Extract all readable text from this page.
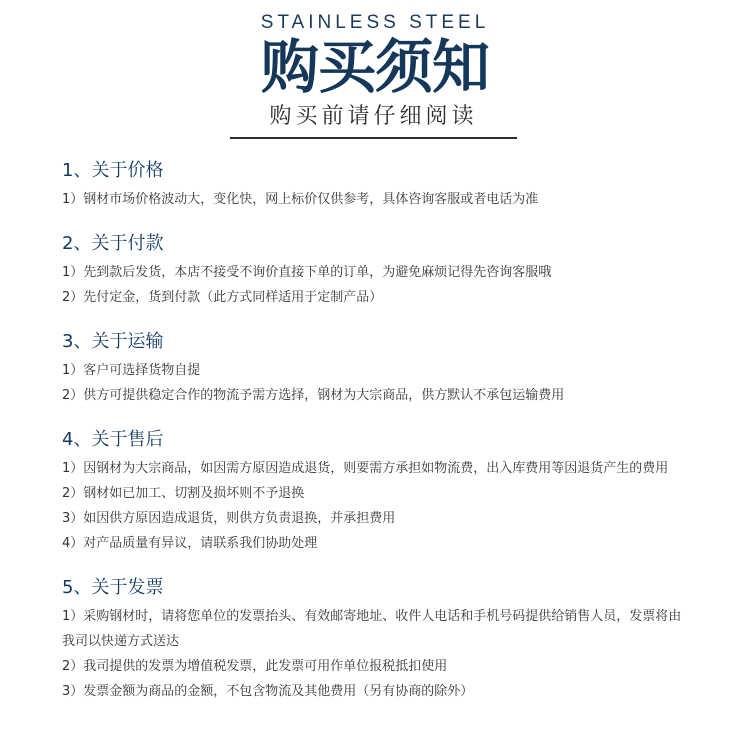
STAINLESS STEEL
购买须知
购买前请仔细阅读
1、关于价格

1）钢材市场价格波动大，变化快，网上标价仅供参考，具体咨询客服或者电话为准

2、关于付款

1）先到款后发货，本店不接受不询价直接下单的订单，为避免麻烦记得先咨询客服哦

2）先付定金，货到付款（此方式同样适用于定制产品）

3、关于运输

1）客户可选择货物自提

2）供方可提供稳定合作的物流予需方选择，钢材为大宗商品，供方默认不承包运输费用

4、关于售后

1）因钢材为大宗商品，如因需方原因造成退货，则要需方承担如物流费，出入库费用等因退货产生的费用

2）钢材如已加工、切割及损坏则不予退换

3）如因供方原因造成退货，则供方负责退换，并承担费用

4）对产品质量有异议，请联系我们协助处理

5、关于发票

1）采购钢材时，请将您单位的发票抬头、有效邮寄地址、收件人电话和手机号码提供给销售人员，发票将由我司以快递方式送达

2）我司提供的发票为增值税发票，此发票可用作单位报税抵扣使用

3）发票金额为商品的金额，不包含物流及其他费用（另有协商的除外）
